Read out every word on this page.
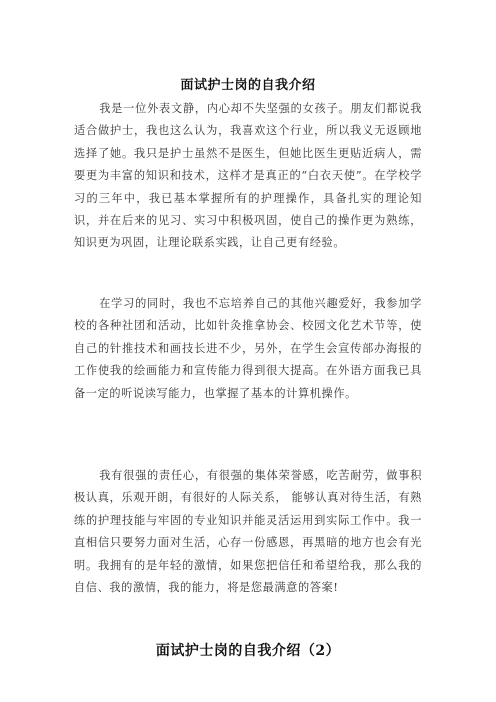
面试护士岗的自我介绍

我是一位外表文静，内心却不失坚强的女孩子。朋友们都说我适合做护士，我也这么认为，我喜欢这个行业，所以我义无返顾地选择了她。我只是护士虽然不是医生，但她比医生更贴近病人，需要更为丰富的知识和技术，这样才是真正的“白衣天使”。在学校学习的三年中，我已基本掌握所有的护理操作，具备扎实的理论知识，并在后来的见习、实习中积极巩固，使自己的操作更为熟练，知识更为巩固，让理论联系实践，让自己更有经验。

在学习的同时，我也不忘培养自己的其他兴趣爱好，我参加学校的各种社团和活动，比如针灸推拿协会、校园文化艺术节等，使自己的针推技术和画技长进不少，另外，在学生会宣传部办海报的工作使我的绘画能力和宣传能力得到很大提高。在外语方面我已具备一定的听说读写能力，也掌握了基本的计算机操作。

我有很强的责任心，有很强的集体荣誉感，吃苦耐劳，做事积极认真，乐观开朗，有很好的人际关系， 能够认真对待生活，有熟练的护理技能与牢固的专业知识并能灵活运用到实际工作中。我一直相信只要努力面对生活，心存一份感恩，再黑暗的地方也会有光明。我拥有的是年轻的激情，如果您把信任和希望给我，那么我的自信、我的激情，我的能力，将是您最满意的答案!

面试护士岗的自我介绍（2）
